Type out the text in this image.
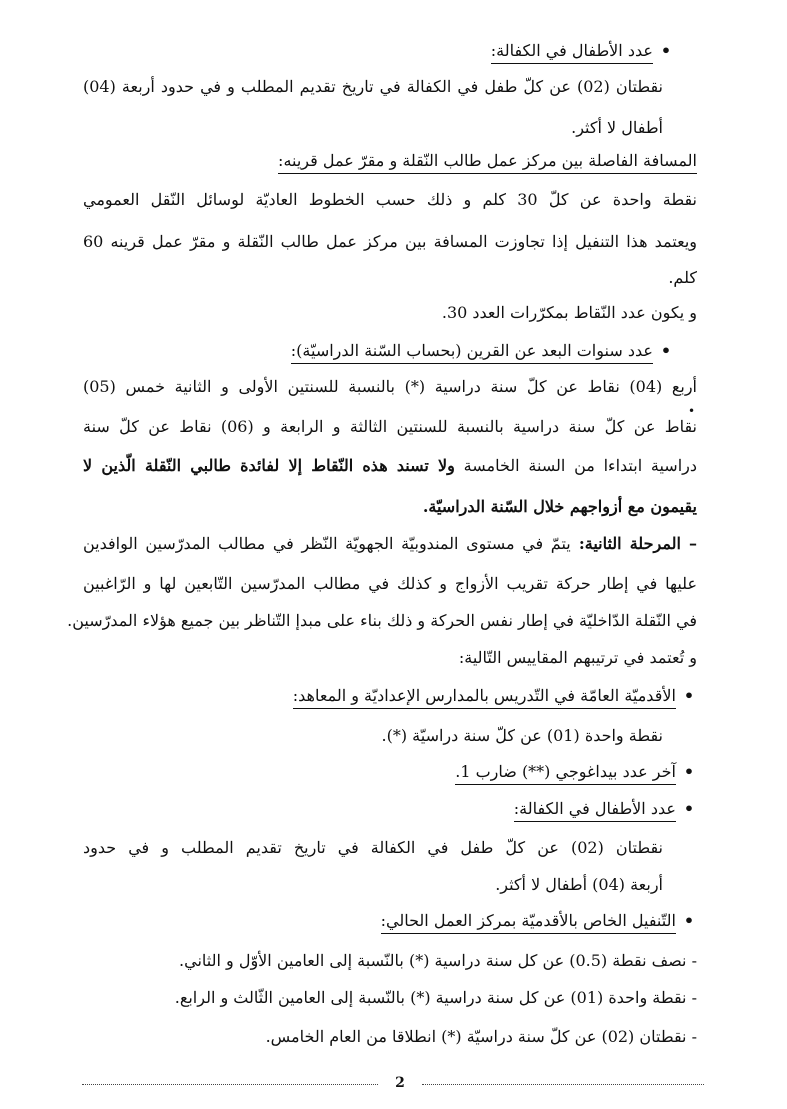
• عدد الأطفال في الكفالة:
نقطتان (02) عن كلّ طفل في الكفالة في تاريخ تقديم المطلب و في حدود أربعة (04)
أطفال لا أكثر.
المسافة الفاصلة بين مركز عمل طالب النّقلة و مقرّ عمل قرينه:
نقطة واحدة عن كلّ 30 كلم و ذلك حسب الخطوط العاديّة لوسائل النّقل العمومي
ويعتمد هذا التنفيل إذا تجاوزت المسافة بين مركز عمل طالب النّقلة و مقرّ عمل قرينه 60
كلم.
و يكون عدد النّقاط بمكرّرات العدد 30.
• عدد سنوات البعد عن القرين (بحساب السّنة الدراسيّة):
أربع (04) نقاط عن كلّ سنة دراسية (*) بالنسبة للسنتين الأولى و الثانية خمس (05)
نقاط عن كلّ سنة دراسية بالنسبة للسنتين الثالثة و الرابعة و (06) نقاط عن كلّ سنة
دراسية ابتداءا من السنة الخامسة ولا تسند هذه النّقاط إلا لفائدة طالبي النّقلة الّذين لا
يقيمون مع أزواجهم خلال السّنة الدراسيّة.
•
– المرحلة الثانية: يتمّ في مستوى المندوبيّة الجهويّة النّظر في مطالب المدرّسين الوافدين
عليها في إطار حركة تقريب الأزواج و كذلك في مطالب المدرّسين التّابعين لها و الرّاغبين
في النّقلة الدّاخليّة في إطار نفس الحركة و ذلك بناء على مبدإ التّناظر بين جميع هؤلاء المدرّسين.
و تُعتمد في ترتيبهم المقاييس التّالية:
• الأقدميّة العامّة في التّدريس بالمدارس الإعداديّة و المعاهد:
نقطة واحدة (01) عن كلّ سنة دراسيّة (*).
• آخر عدد بيداغوجي (**) ضارب 1.
• عدد الأطفال في الكفالة:
نقطتان (02) عن كلّ طفل في الكفالة في تاريخ تقديم المطلب و في حدود
أربعة (04) أطفال لا أكثر.
• التّنفيل الخاص بالأقدميّة بمركز العمل الحالي:
- نصف نقطة (0.5) عن كل سنة دراسية (*) بالنّسبة إلى العامين الأوّل و الثاني.
- نقطة واحدة (01) عن كل سنة دراسية (*) بالنّسبة إلى العامين الثّالث و الرابع.
- نقطتان (02) عن كلّ سنة دراسيّة (*) انطلاقا من العام الخامس.
2
